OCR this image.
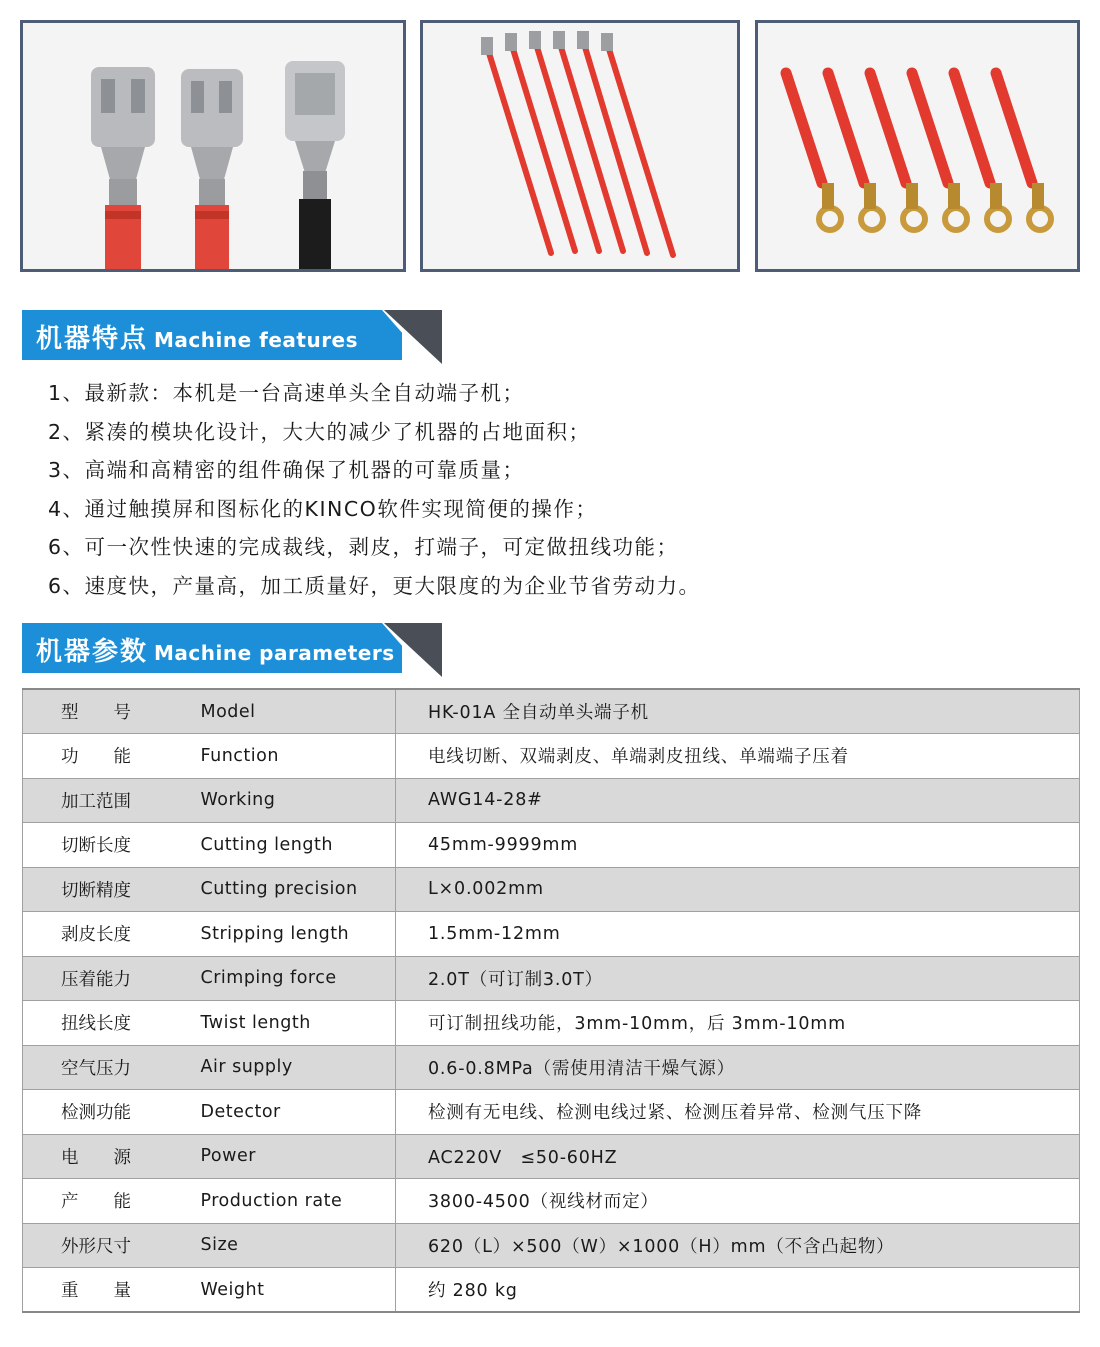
机器特点 Machine features
1、最新款：本机是一台高速单头全自动端子机；
2、紧凑的模块化设计，大大的减少了机器的占地面积；
3、高端和高精密的组件确保了机器的可靠质量；
4、通过触摸屏和图标化的KINCO软件实现简便的操作；
6、可一次性快速的完成裁线，剥皮，打端子，可定做扭线功能；
6、速度快，产量高，加工质量好，更大限度的为企业节省劳动力。
机器参数 Machine parameters
型　　号	Model	HK-01A 全自动单头端子机
功　　能	Function	电线切断、双端剥皮、单端剥皮扭线、单端端子压着
加工范围	Working	AWG14-28#
切断长度	Cutting length	45mm-9999mm
切断精度	Cutting precision	L×0.002mm
剥皮长度	Stripping length	1.5mm-12mm
压着能力	Crimping force	2.0T（可订制3.0T）
扭线长度	Twist length	可订制扭线功能，3mm-10mm，后 3mm-10mm
空气压力	Air supply	0.6-0.8MPa（需使用清洁干燥气源）
检测功能	Detector	检测有无电线、检测电线过紧、检测压着异常、检测气压下降
电　　源	Power	AC220V　≤50-60HZ
产　　能	Production rate	3800-4500（视线材而定）
外形尺寸	Size	620（L）×500（W）×1000（H）mm（不含凸起物）
重　　量	Weight	约 280 kg
